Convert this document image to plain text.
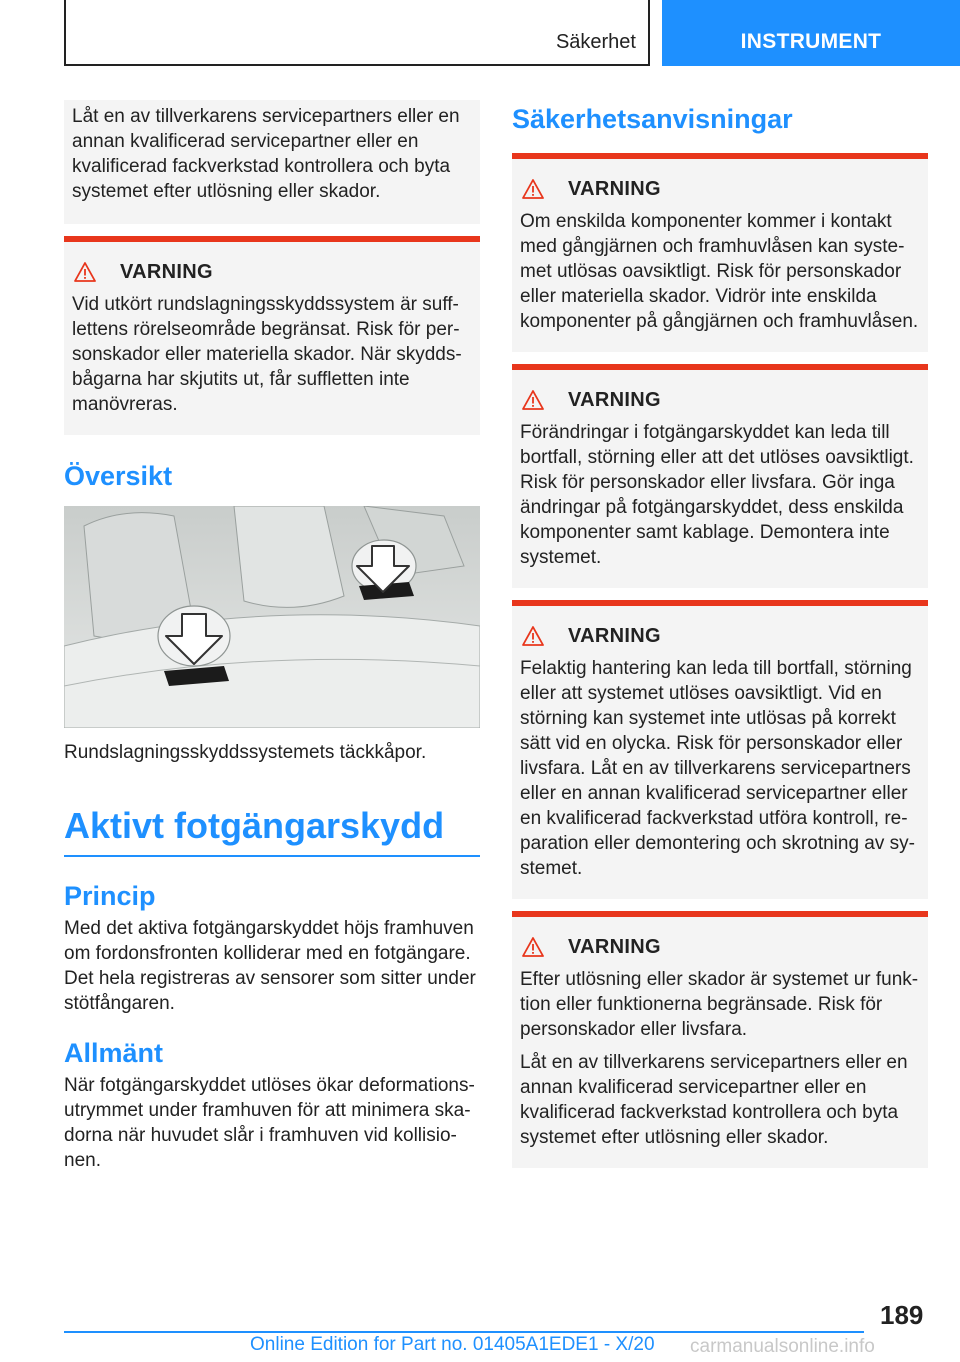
Säkerhet	INSTRUMENT

Låt en av tillverkarens servicepartners eller en annan kvalificerad servicepartner eller en kvalificerad fackverkstad kontrollera och byta systemet efter utlösning eller skador.

VARNING

Vid utkört rundslagningsskyddssystem är sufflettens rörelseområde begränsat. Risk för personskador eller materiella skador. När skyddsbågarna har skjutits ut, får suffletten inte manövreras.

Översikt
Rundslagningsskyddssystemets täckkåpor.
Aktivt fotgängarskydd
Princip

Med det aktiva fotgängarskyddet höjs framhuven om fordonsfronten kolliderar med en fotgängare. Det hela registreras av sensorer som sitter under stötfångaren.

Allmänt

När fotgängarskyddet utlöses ökar deformationsutrymmet under framhuven för att minimera skadorna när huvudet slår i framhuven vid kollisionen.

Säkerhetsanvisningar
VARNING

Om enskilda komponenter kommer i kontakt med gångjärnen och framhuvlåsen kan systemet utlösas oavsiktligt. Risk för personskador eller materiella skador. Vidrör inte enskilda komponenter på gångjärnen och framhuvlåsen.

VARNING

Förändringar i fotgängarskyddet kan leda till bortfall, störning eller att det utlöses oavsiktligt. Risk för personskador eller livsfara. Gör inga ändringar på fotgängarskyddet, dess enskilda komponenter samt kablage. Demontera inte systemet.

VARNING

Felaktig hantering kan leda till bortfall, störning eller att systemet utlöses oavsiktligt. Vid en störning kan systemet inte utlösas på korrekt sätt vid en olycka. Risk för personskador eller livsfara. Låt en av tillverkarens servicepartners eller en annan kvalificerad servicepartner eller en kvalificerad fackverkstad utföra kontroll, reparation eller demontering och skrotning av systemet.

VARNING

Efter utlösning eller skador är systemet ur funktion eller funktionerna begränsade. Risk för personskador eller livsfara.

Låt en av tillverkarens servicepartners eller en annan kvalificerad servicepartner eller en kvalificerad fackverkstad kontrollera och byta systemet efter utlösning eller skador.

189
Online Edition for Part no. 01405A1EDE1 - X/20 carmanualsonline.info
